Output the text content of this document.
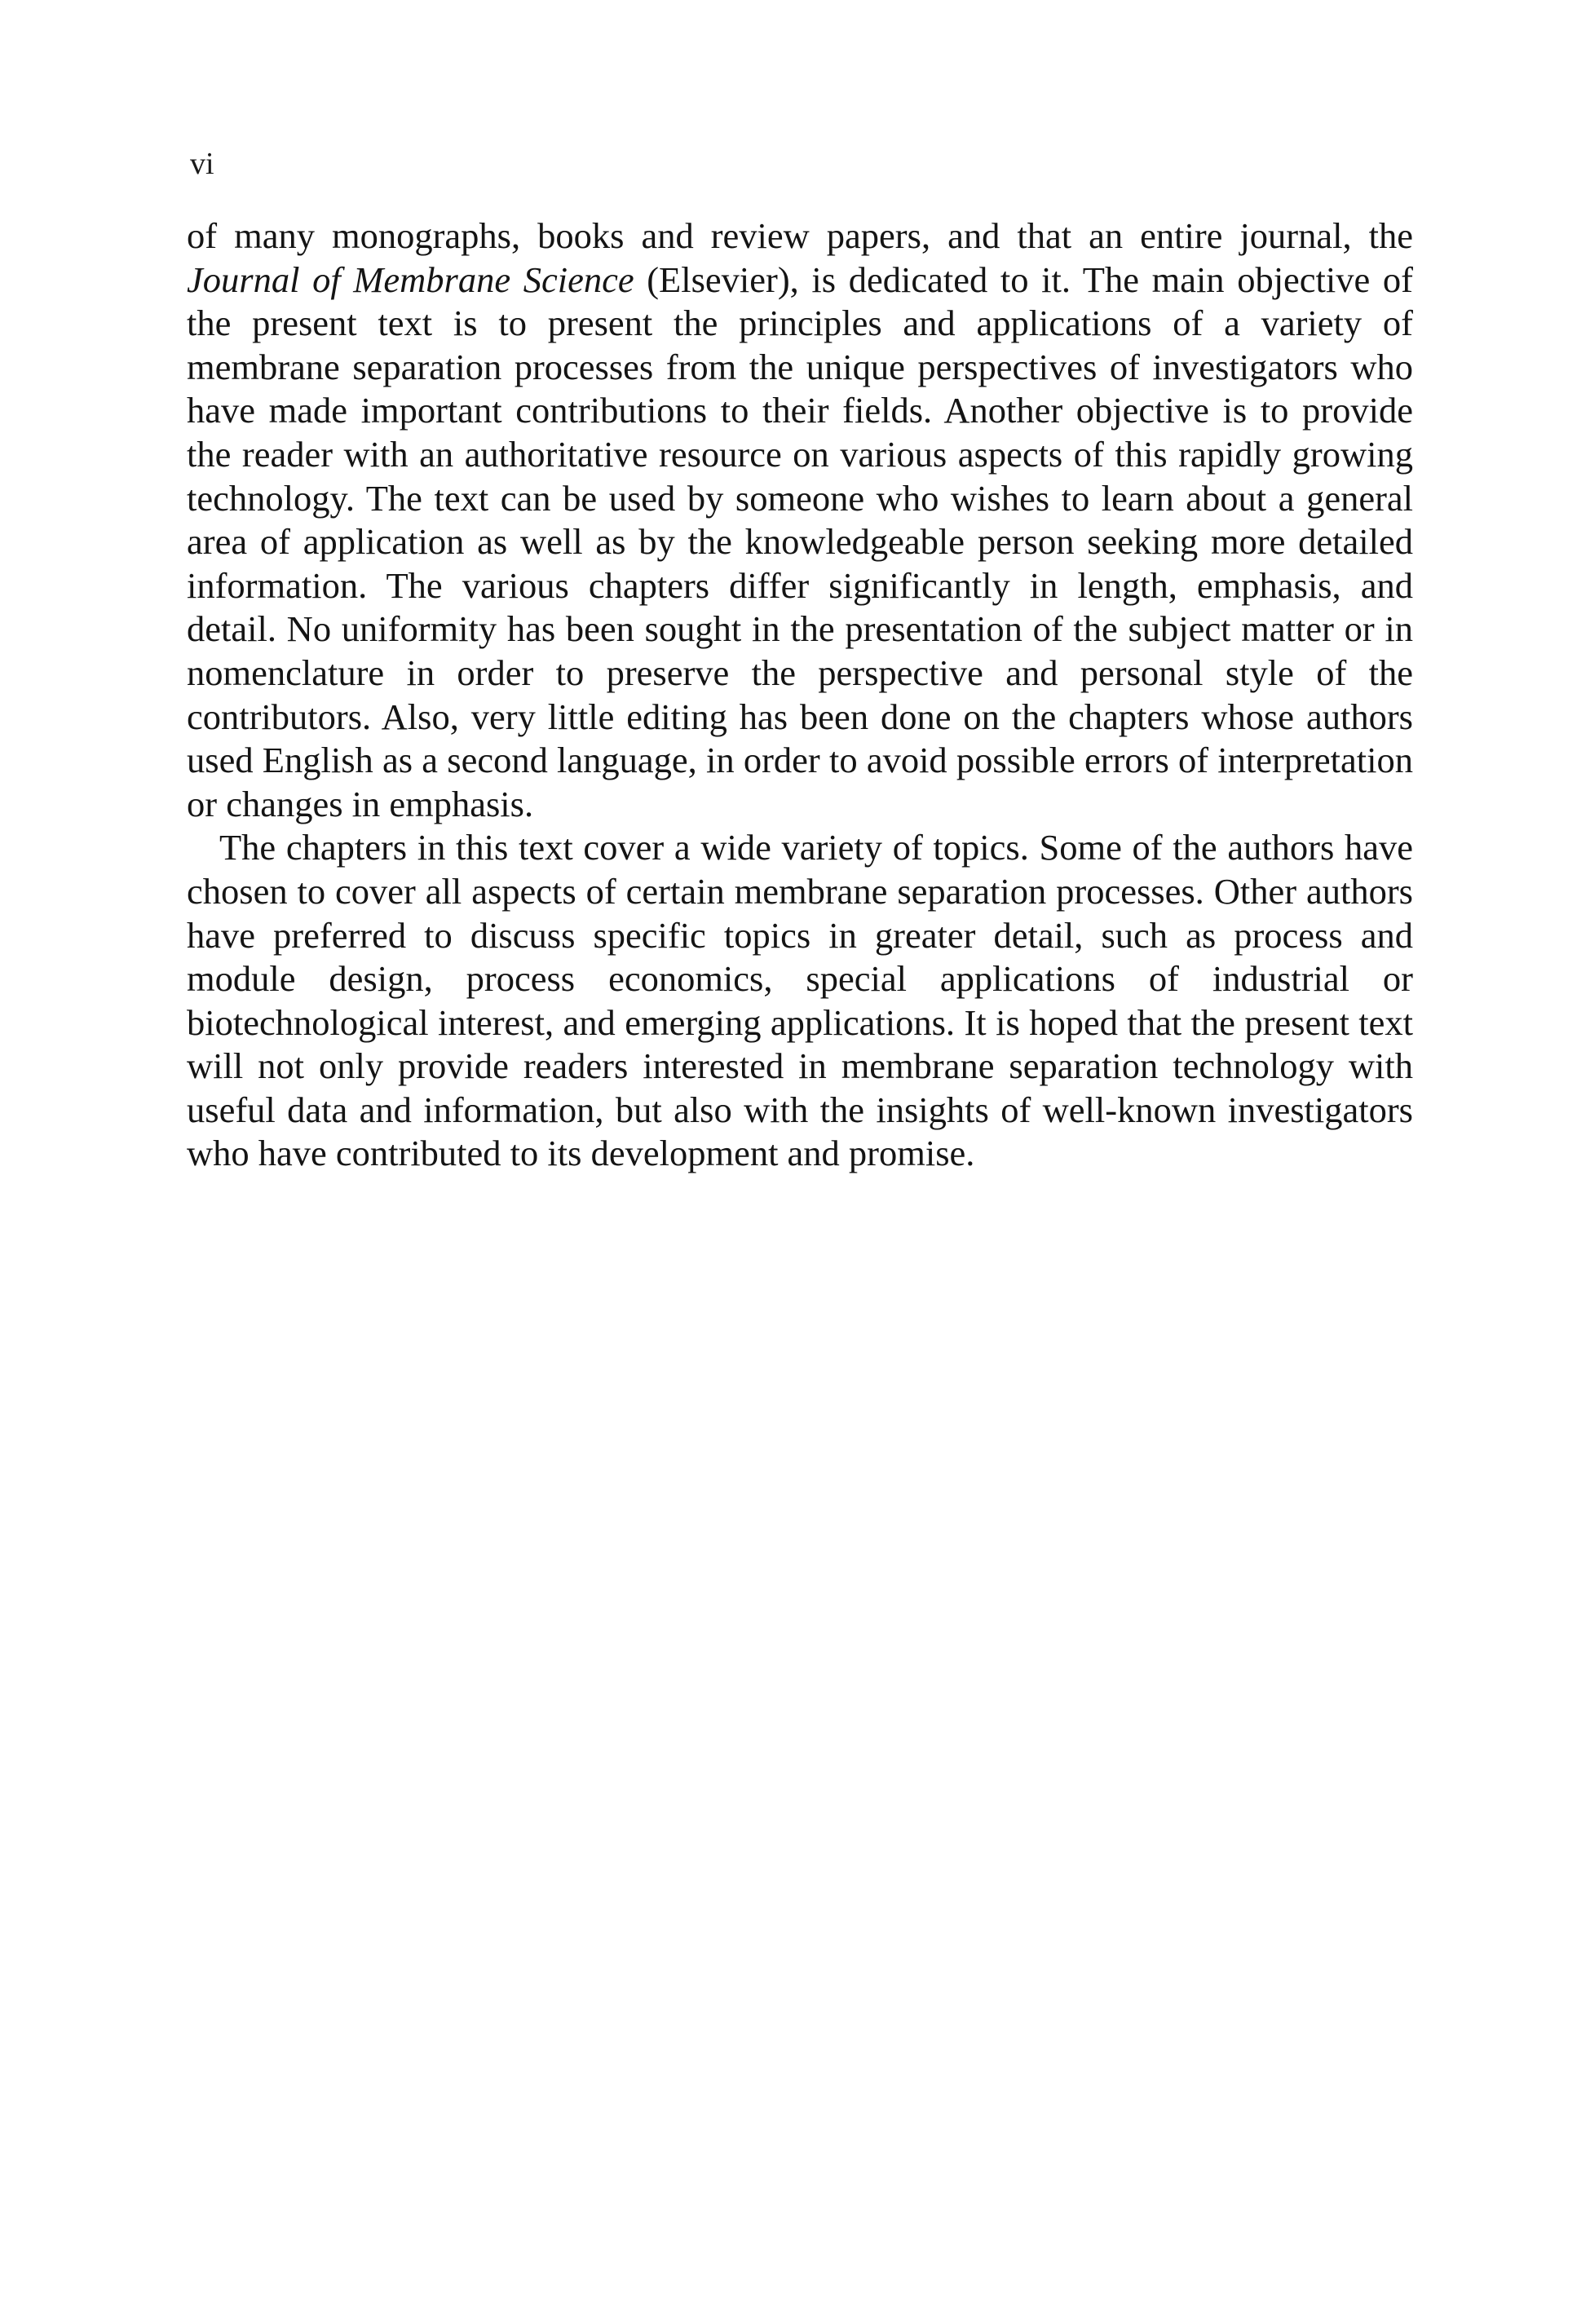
vi

of many monographs, books and review papers, and that an entire journal, the Journal of Membrane Science (Elsevier), is dedicated to it. The main objective of the present text is to present the principles and applications of a variety of membrane separation processes from the unique perspectives of investigators who have made important contributions to their fields. Another objective is to provide the reader with an authoritative resource on various aspects of this rapidly growing technology. The text can be used by someone who wishes to learn about a general area of application as well as by the knowledgeable person seeking more detailed information. The various chapters differ significantly in length, emphasis, and detail. No uniformity has been sought in the presentation of the subject matter or in nomenclature in order to preserve the perspective and personal style of the contributors. Also, very little editing has been done on the chapters whose authors used English as a second language, in order to avoid possible errors of interpretation or changes in emphasis.

The chapters in this text cover a wide variety of topics. Some of the authors have chosen to cover all aspects of certain membrane separation processes. Other authors have preferred to discuss specific topics in greater detail, such as process and module design, process economics, special applications of industrial or biotechnological interest, and emerging applications. It is hoped that the present text will not only provide readers interested in membrane separation technology with useful data and information, but also with the insights of well-known investigators who have contributed to its development and promise.
